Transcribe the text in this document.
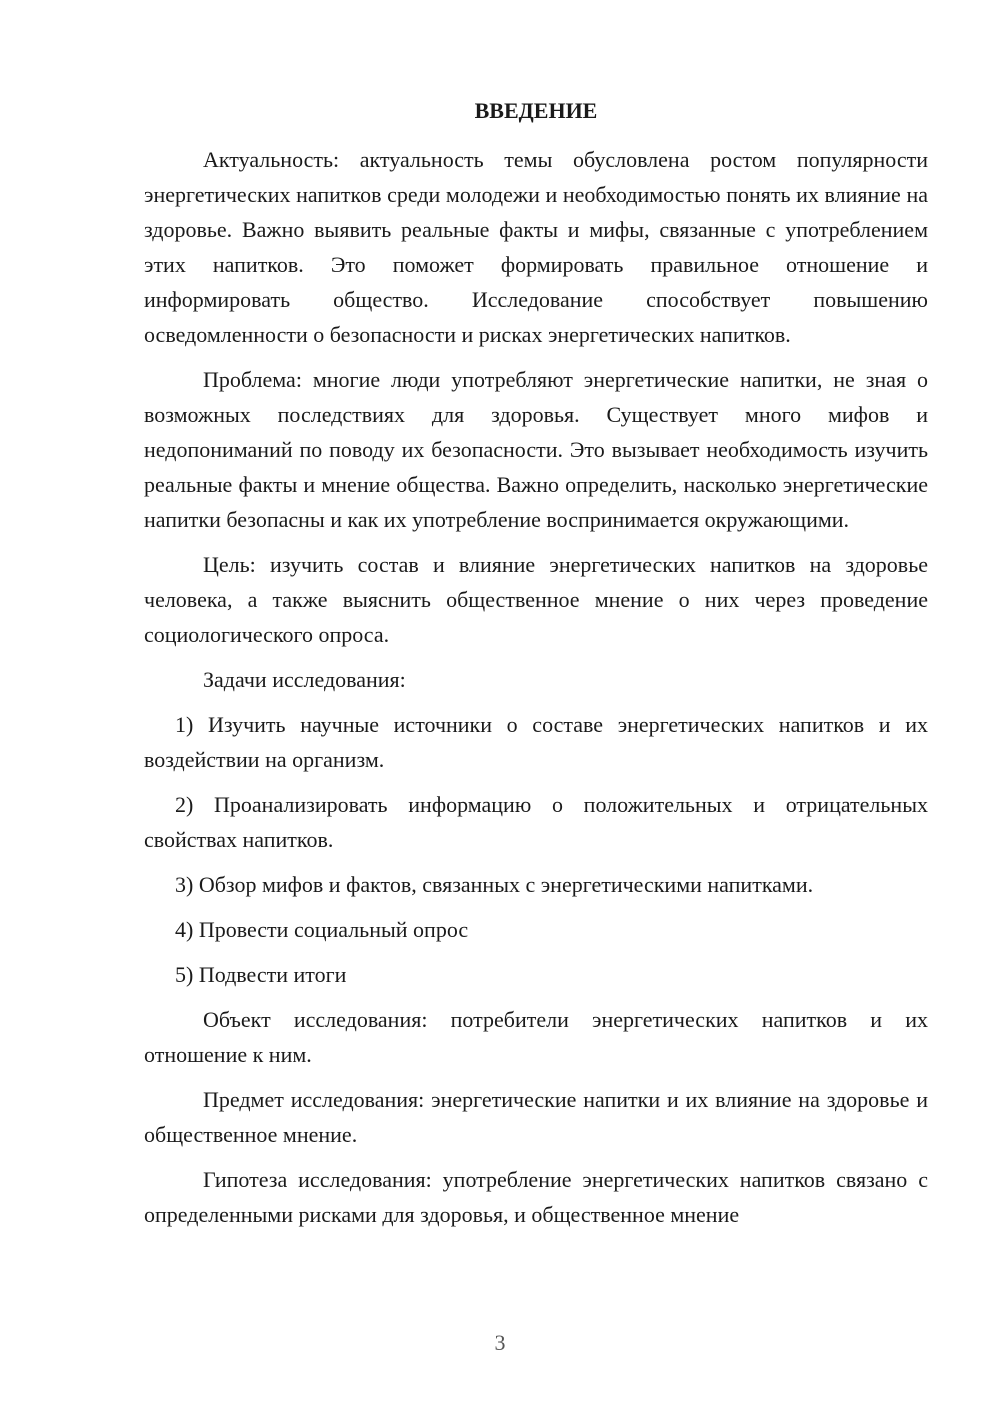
ВВЕДЕНИЕ

Актуальность: актуальность темы обусловлена ростом популярности энергетических напитков среди молодежи и необходимостью понять их влияние на здоровье. Важно выявить реальные факты и мифы, связанные с употреблением этих напитков. Это поможет формировать правильное отношение и информировать общество. Исследование способствует повышению осведомленности о безопасности и рисках энергетических напитков.

Проблема: многие люди употребляют энергетические напитки, не зная о возможных последствиях для здоровья. Существует много мифов и недопониманий по поводу их безопасности. Это вызывает необходимость изучить реальные факты и мнение общества. Важно определить, насколько энергетические напитки безопасны и как их употребление воспринимается окружающими.

Цель: изучить состав и влияние энергетических напитков на здоровье человека, а также выяснить общественное мнение о них через проведение социологического опроса.

Задачи исследования:

1) Изучить научные источники о составе энергетических напитков и их воздействии на организм.

2) Проанализировать информацию о положительных и отрицательных свойствах напитков.

3) Обзор мифов и фактов, связанных с энергетическими напитками.

4) Провести социальный опрос

5) Подвести итоги

Объект исследования: потребители энергетических напитков и их отношение к ним.

Предмет исследования: энергетические напитки и их влияние на здоровье и общественное мнение.

Гипотеза исследования: употребление энергетических напитков связано с определенными рисками для здоровья, и общественное мнение

3
